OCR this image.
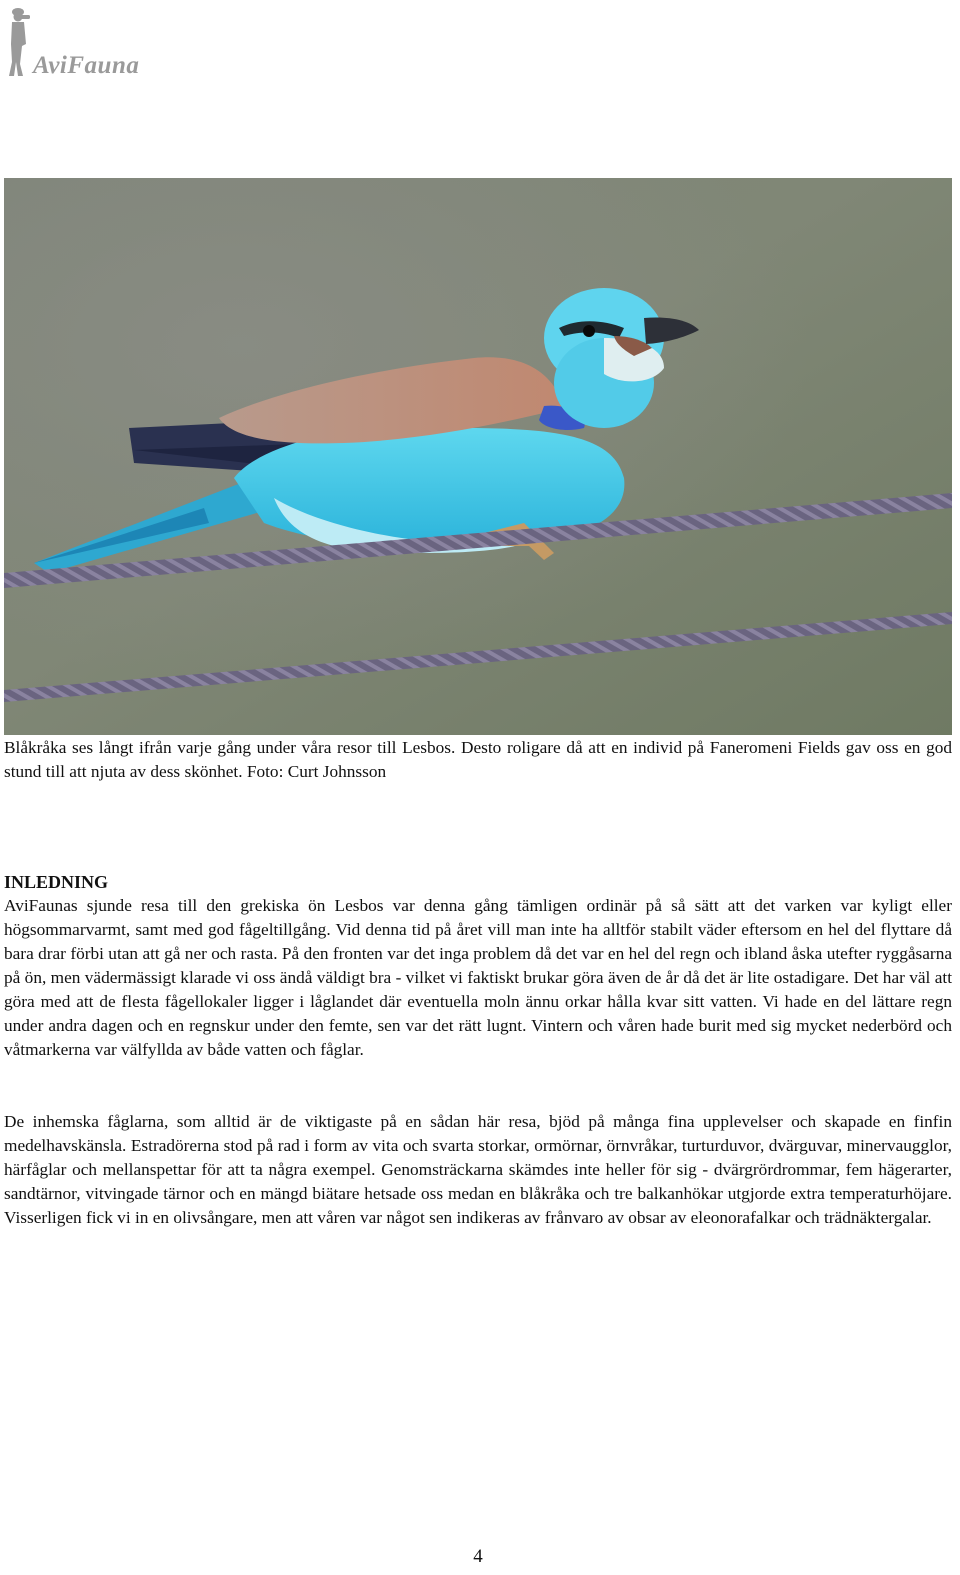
AviFauna
Blåkråka ses långt ifrån varje gång under våra resor till Lesbos. Desto roligare då att en individ på Faneromeni Fields gav oss en god stund till att njuta av dess skönhet. Foto: Curt Johnsson
INLEDNING

AviFaunas sjunde resa till den grekiska ön Lesbos var denna gång tämligen ordinär på så sätt att det varken var kyligt eller högsommarvarmt, samt med god fågeltillgång. Vid denna tid på året vill man inte ha alltför stabilt väder eftersom en hel del flyttare då bara drar förbi utan att gå ner och rasta. På den fronten var det inga problem då det var en hel del regn och ibland åska utefter ryggåsarna på ön, men vädermässigt klarade vi oss ändå väldigt bra - vilket vi faktiskt brukar göra även de år då det är lite ostadigare. Det har väl att göra med att de flesta fågellokaler ligger i låglandet där eventuella moln ännu orkar hålla kvar sitt vatten. Vi hade en del lättare regn under andra dagen och en regnskur under den femte, sen var det rätt lugnt. Vintern och våren hade burit med sig mycket nederbörd och våtmarkerna var välfyllda av både vatten och fåglar.

De inhemska fåglarna, som alltid är de viktigaste på en sådan här resa, bjöd på många fina upplevelser och skapade en finfin medelhavskänsla. Estradörerna stod på rad i form av vita och svarta storkar, ormörnar, örnvråkar, turturduvor, dvärguvar, minervaugglor, härfåglar och mellanspettar för att ta några exempel. Genomsträckarna skämdes inte heller för sig - dvärgrördrommar, fem hägerarter, sandtärnor, vitvingade tärnor och en mängd biätare hetsade oss medan en blåkråka och tre balkanhökar utgjorde extra temperaturhöjare. Visserligen fick vi in en olivsångare, men att våren var något sen indikeras av frånvaro av obsar av eleonorafalkar och trädnäktergalar.

4
